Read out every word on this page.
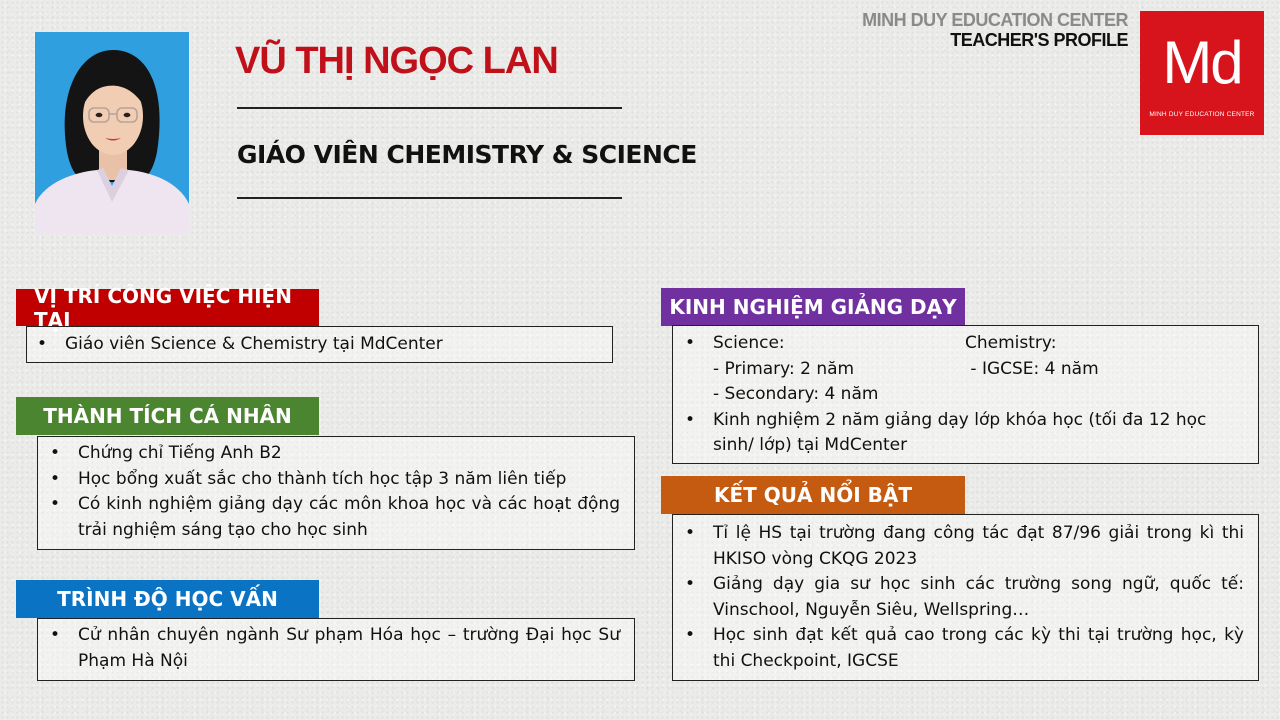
VŨ THỊ NGỌC LAN
GIÁO VIÊN CHEMISTRY & SCIENCE
MINH DUY EDUCATION CENTER
TEACHER'S PROFILE Md
MINH DUY EDUCATION CENTER
VỊ TRÍ CÔNG VIỆC HIỆN TẠI
• Giáo viên Science & Chemistry tại MdCenter
THÀNH TÍCH CÁ NHÂN
• Chứng chỉ Tiếng Anh B2
• Học bổng xuất sắc cho thành tích học tập 3 năm liên tiếp
• Có kinh nghiệm giảng dạy các môn khoa học và các hoạt động trải nghiệm sáng tạo cho học sinh
TRÌNH ĐỘ HỌC VẤN
• Cử nhân chuyên ngành Sư phạm Hóa học – trường Đại học Sư Phạm Hà Nội
KINH NGHIỆM GIẢNG DẠY
• Science:
- Primary: 2 năm
- Secondary: 4 năm
Chemistry:
- IGCSE: 4 năm
• Kinh nghiệm 2 năm giảng dạy lớp khóa học (tối đa 12 học sinh/ lớp) tại MdCenter
KẾT QUẢ NỔI BẬT
• Tỉ lệ HS tại trường đang công tác đạt 87/96 giải trong kì thi HKISO vòng CKQG 2023
• Giảng dạy gia sư học sinh các trường song ngữ, quốc tế: Vinschool, Nguyễn Siêu, Wellspring…
• Học sinh đạt kết quả cao trong các kỳ thi tại trường học, kỳ thi Checkpoint, IGCSE
